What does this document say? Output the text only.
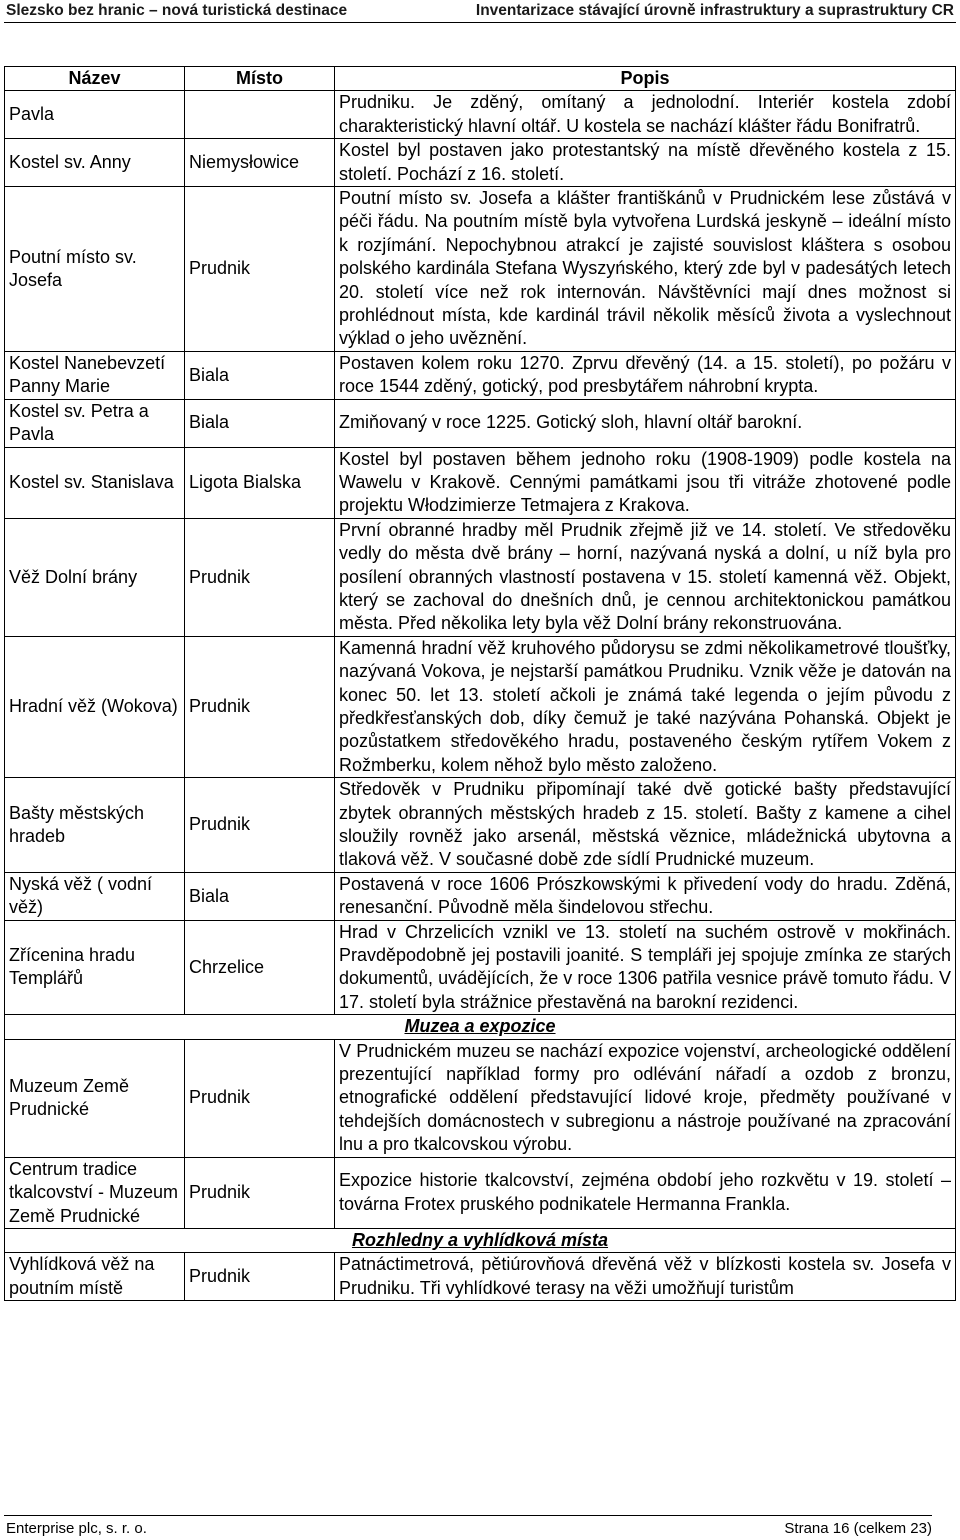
Slezsko bez hranic – nová turistická destinace	Inventarizace stávající úrovně infrastruktury a suprastruktury CR
Název	Místo	Popis
Pavla		Prudniku. Je zděný, omítaný a jednolodní. Interiér kostela zdobí charakteristický hlavní oltář. U kostela se nachází klášter řádu Bonifratrů.
Kostel sv. Anny	Niemysłowice	Kostel byl postaven jako protestantský na místě dřevěného kostela z 15. století. Pochází z 16. století.
Poutní místo sv. Josefa	Prudnik	Poutní místo sv. Josefa a klášter františkánů v Prudnickém lese zůstává v péči řádu. Na poutním místě byla vytvořena Lurdská jeskyně – ideální místo k rozjímání. Nepochybnou atrakcí je zajisté souvislost kláštera s osobou polského kardinála Stefana Wyszyńského, který zde byl v padesátých letech 20. století více než rok internován. Návštěvníci mají dnes možnost si prohlédnout místa, kde kardinál trávil několik měsíců života a vyslechnout výklad o jeho uvěznění.
Kostel Nanebevzetí Panny Marie	Biala	Postaven kolem roku 1270. Zprvu dřevěný (14. a 15. století), po požáru v roce 1544 zděný, gotický, pod presbytářem náhrobní krypta.
Kostel sv. Petra a Pavla	Biala	Zmiňovaný v roce 1225. Gotický sloh, hlavní oltář barokní.
Kostel sv. Stanislava	Ligota Bialska	Kostel byl postaven během jednoho roku (1908-1909) podle kostela na Wawelu v Krakově. Cennými památkami jsou tři vitráže zhotovené podle projektu Włodzimierze Tetmajera z Krakova.
Věž Dolní brány	Prudnik	První obranné hradby měl Prudnik zřejmě již ve 14. století. Ve středověku vedly do města dvě brány – horní, nazývaná nyská a dolní, u níž byla pro posílení obranných vlastností postavena v 15. století kamenná věž. Objekt, který se zachoval do dnešních dnů, je cennou architektonickou památkou města. Před několika lety byla věž Dolní brány rekonstruována.
Hradní věž (Wokova)	Prudnik	Kamenná hradní věž kruhového půdorysu se zdmi několikametrové tloušťky, nazývaná Vokova, je nejstarší památkou Prudniku. Vznik věže je datován na konec 50. let 13. století ačkoli je známá také legenda o jejím původu z předkřesťanských dob, díky čemuž je také nazývána Pohanská. Objekt je pozůstatkem středověkého hradu, postaveného českým rytířem Vokem z Rožmberku, kolem něhož bylo město založeno.
Bašty městských hradeb	Prudnik	Středověk v Prudniku připomínají také dvě gotické bašty představující zbytek obranných městských hradeb z 15. století. Bašty z kamene a cihel sloužily rovněž jako arsenál, městská věznice, mládežnická ubytovna a tlaková věž. V současné době zde sídlí Prudnické muzeum.
Nyská věž ( vodní věž)	Biala	Postavená v roce 1606 Prószkowskými k přivedení vody do hradu. Zděná, renesanční. Původně měla šindelovou střechu.
Zřícenina hradu Templářů	Chrzelice	Hrad v Chrzelicích vznikl ve 13. století na suchém ostrově v mokřinách. Pravděpodobně jej postavili joanité. S templáři jej spojuje zmínka ze starých dokumentů, uvádějících, že v roce 1306 patřila vesnice právě tomuto řádu. V 17. století byla strážnice přestavěná na barokní rezidenci.
Muzea a expozice		
Muzeum Země Prudnické	Prudnik	V Prudnickém muzeu se nachází expozice vojenství, archeologické oddělení prezentující například formy pro odlévání nářadí a ozdob z bronzu, etnografické oddělení představující lidové kroje, předměty používané v tehdejších domácnostech v subregionu a nástroje používané na zpracování lnu a pro tkalcovskou výrobu.
Centrum tradice tkalcovství - Muzeum Země Prudnické	Prudnik	Expozice historie tkalcovství, zejména období jeho rozkvětu v 19. století – továrna Frotex pruského podnikatele Hermanna Frankla.
Rozhledny a vyhlídková místa		
Vyhlídková věž na poutním místě	Prudnik	Patnáctimetrová, pětiúrovňová dřevěná věž v blízkosti kostela sv. Josefa v Prudniku. Tři vyhlídkové terasy na věži umožňují turistům
Enterprise plc, s. r. o.	Strana 16 (celkem 23)
